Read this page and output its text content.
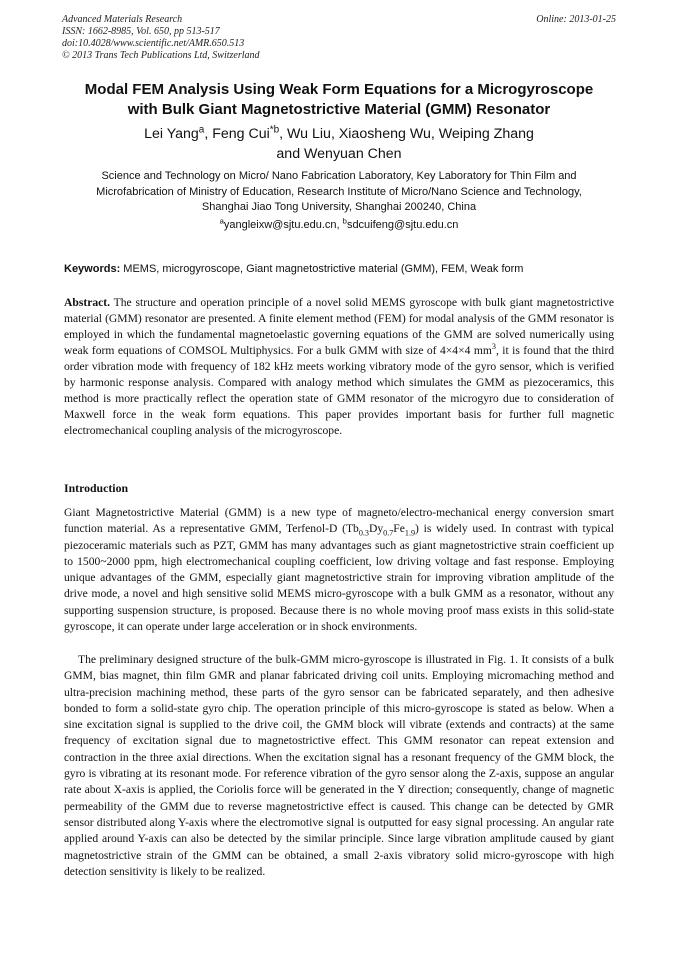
Advanced Materials Research
ISSN: 1662-8985, Vol. 650, pp 513-517
doi:10.4028/www.scientific.net/AMR.650.513
© 2013 Trans Tech Publications Ltd, Switzerland
Online: 2013-01-25
Modal FEM Analysis Using Weak Form Equations for a Microgyroscope
with Bulk Giant Magnetostrictive Material (GMM) Resonator
Lei Yang$^a$, Feng Cui$^{*b}$, Wu Liu, Xiaosheng Wu, Weiping Zhang
and Wenyuan Chen
Science and Technology on Micro/ Nano Fabrication Laboratory, Key Laboratory for Thin Film and
Microfabrication of Ministry of Education, Research Institute of Micro/Nano Science and Technology,
Shanghai Jiao Tong University, Shanghai 200240, China
$^a$yangleixw@sjtu.edu.cn, $^b$sdcuifeng@sjtu.edu.cn
Keywords: MEMS, microgyroscope, Giant magnetostrictive material (GMM), FEM, Weak form
Abstract. The structure and operation principle of a novel solid MEMS gyroscope with bulk giant magnetostrictive material (GMM) resonator are presented. A finite element method (FEM) for modal analysis of the GMM resonator is employed in which the fundamental magnetoelastic governing equations of the GMM are solved numerically using weak form equations of COMSOL Multiphysics. For a bulk GMM with size of 4×4×4 $mm^3$, it is found that the third order vibration mode with frequency of 182 kHz meets working vibratory mode of the gyro sensor, which is verified by harmonic response analysis. Compared with analogy method which simulates the GMM as piezoceramics, this method is more practically reflect the operation state of GMM resonator of the microgyro due to consideration of Maxwell force in the weak form equations. This paper provides important basis for further full magnetic electromechanical coupling analysis of the microgyroscope.
Introduction

Giant Magnetostrictive Material (GMM) is a new type of magneto/electro-mechanical energy conversion smart function material. As a representative GMM, Terfenol-D $(Tb_{0.3}Dy_{0.7}Fe_{1.9})$ is widely used. In contrast with typical piezoceramic materials such as PZT, GMM has many advantages such as giant magnetostrictive strain coefficient up to 1500~2000 ppm, high electromechanical coupling coefficient, low driving voltage and fast response. Employing unique advantages of the GMM, especially giant magnetostrictive strain for improving vibration amplitude of the drive mode, a novel and high sensitive solid MEMS micro-gyroscope with a bulk GMM as a resonator, without any supporting suspension structure, is proposed. Because there is no whole moving proof mass exists in this solid-state gyroscope, it can operate under large acceleration or in shock environments.

The preliminary designed structure of the bulk-GMM micro-gyroscope is illustrated in Fig. 1. It consists of a bulk GMM, bias magnet, thin film GMR and planar fabricated driving coil units. Employing micromaching method and ultra-precision machining method, these parts of the gyro sensor can be fabricated separately, and then adhesive bonded to form a solid-state gyro chip. The operation principle of this micro-gyroscope is stated as below. When a sine excitation signal is supplied to the drive coil, the GMM block will vibrate (extends and contracts) at the same frequency of excitation signal due to magnetostrictive effect. This GMM resonator can repeat extension and contraction in the three axial directions. When the excitation signal has a resonant frequency of the GMM block, the gyro is vibrating at its resonant mode. For reference vibration of the gyro sensor along the Z-axis, suppose an angular rate about X-axis is applied, the Coriolis force will be generated in the Y direction; consequently, change of magnetic permeability of the GMM due to reverse magnetostrictive effect is caused. This change can be detected by GMR sensor distributed along Y-axis where the electromotive signal is outputted for easy signal processing. An angular rate applied around Y-axis can also be detected by the similar principle. Since large vibration amplitude caused by giant magnetostrictive strain of the GMM can be obtained, a small 2-axis vibratory solid micro-gyroscope with high detection sensitivity is likely to be realized.
